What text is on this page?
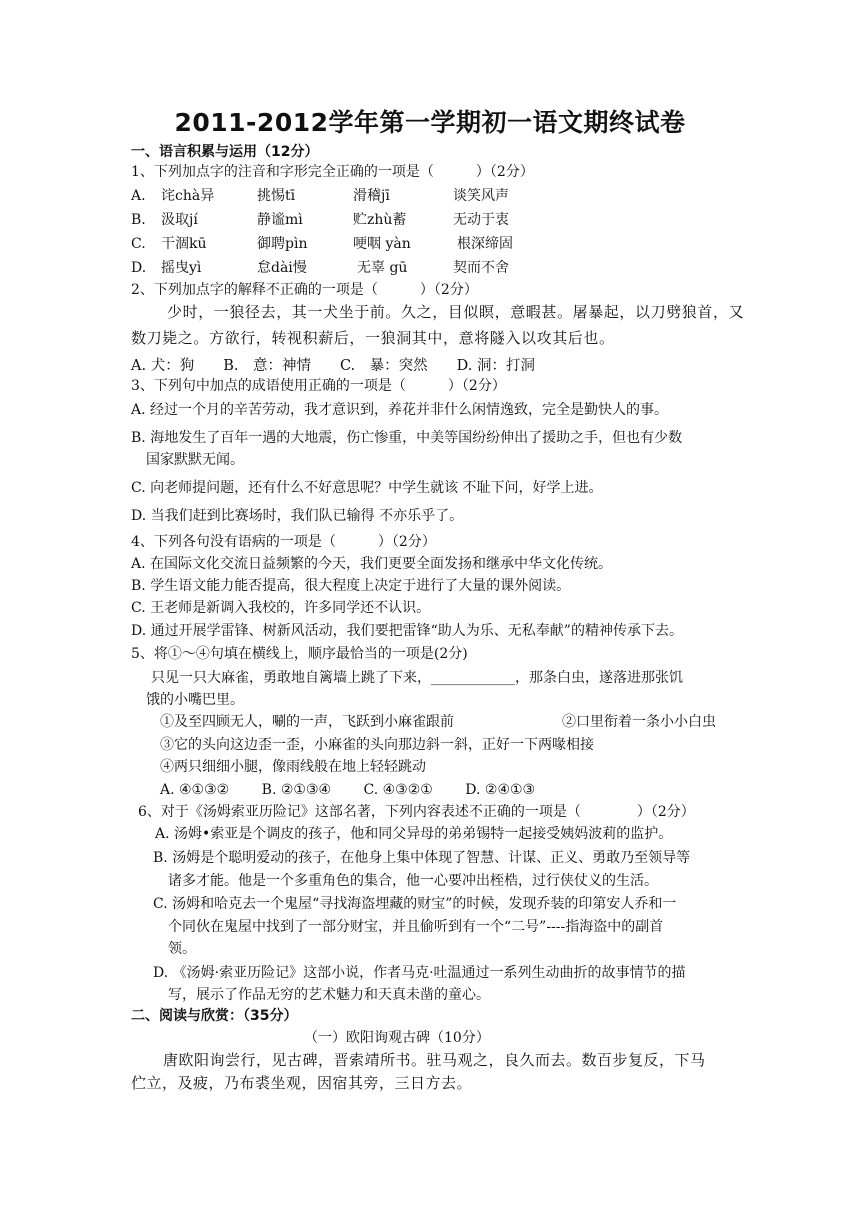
2011-2012学年第一学期初一语文期终试卷
一、语言积累与运用（12分）
1、下列加点字的注音和字形完全正确的一项是（　　　）（2分）
A. 诧chà异	挑惕tī	滑稽jī	谈笑风声
B. 汲取jí	静谧mì	贮zhù蓄	无动于衷
C. 干涸kū	御聘pìn	哽咽 yàn	根深缔固
D. 摇曳yì	怠dài慢	无辜 gū	契而不舍
2、下列加点字的解释不正确的一项是（　　　）（2分）
少时，一狼径去，其一犬坐于前。久之，目似瞑，意暇甚。屠暴起，以刀劈狼首，又
数刀毙之。方欲行，转视积薪后，一狼洞其中，意将隧入以攻其后也。
A. 犬：狗　　B.　意：神情　　C.　暴：突然　　D. 洞：打洞
3、下列句中加点的成语使用正确的一项是（　　　）（2分）
A. 经过一个月的辛苦劳动，我才意识到，养花并非什么闲情逸致，完全是勤快人的事。
B. 海地发生了百年一遇的大地震，伤亡惨重，中美等国纷纷伸出了援助之手，但也有少数
国家默默无闻。
C. 向老师提问题，还有什么不好意思呢？中学生就该 不耻下问，好学上进。
D. 当我们赶到比赛场时，我们队已输得 不亦乐乎了。
4、下列各句没有语病的一项是（　　　）（2分）
A. 在国际文化交流日益频繁的今天，我们更要全面发扬和继承中华文化传统。
B. 学生语文能力能否提高，很大程度上决定于进行了大量的课外阅读。
C. 王老师是新调入我校的，许多同学还不认识。
D. 通过开展学雷锋、树新风活动，我们要把雷锋“助人为乐、无私奉献”的精神传承下去。
5、将①～④句填在横线上，顺序最恰当的一项是(2分)
只见一只大麻雀，勇敢地自篱墙上跳了下来，____________，那条白虫，遂落进那张饥
饿的小嘴巴里。
①及至四顾无人，唰的一声，飞跃到小麻雀跟前	②口里衔着一条小小白虫
③它的头向这边歪一歪，小麻雀的头向那边斜一斜，正好一下两喙相接
④两只细细小腿，像雨线般在地上轻轻跳动
A. ④①③②　　 B. ②①③④　　 C. ④③②①　　 D. ②④①③
6、对于《汤姆索亚历险记》这部名著，下列内容表述不正确的一项是（　　　　）（2分）
A. 汤姆•索亚是个调皮的孩子，他和同父异母的弟弟锡特一起接受姨妈波莉的监护。
B. 汤姆是个聪明爱动的孩子，在他身上集中体现了智慧、计谋、正义、勇敢乃至领导等
诸多才能。他是一个多重角色的集合，他一心要冲出桎梏，过行侠仗义的生活。
C. 汤姆和哈克去一个鬼屋“寻找海盗埋藏的财宝”的时候，发现乔装的印第安人乔和一
个同伙在鬼屋中找到了一部分财宝，并且偷听到有一个“二号”----指海盗中的副首
领。
D. 《汤姆·索亚历险记》这部小说，作者马克·吐温通过一系列生动曲折的故事情节的描
写，展示了作品无穷的艺术魅力和天真未凿的童心。
二、阅读与欣赏：（35分）
（一）欧阳询观古碑（10分）
唐欧阳询尝行，见古碑，晋索靖所书。驻马观之，良久而去。数百步复反，下马
伫立，及疲，乃布裘坐观，因宿其旁，三日方去。
